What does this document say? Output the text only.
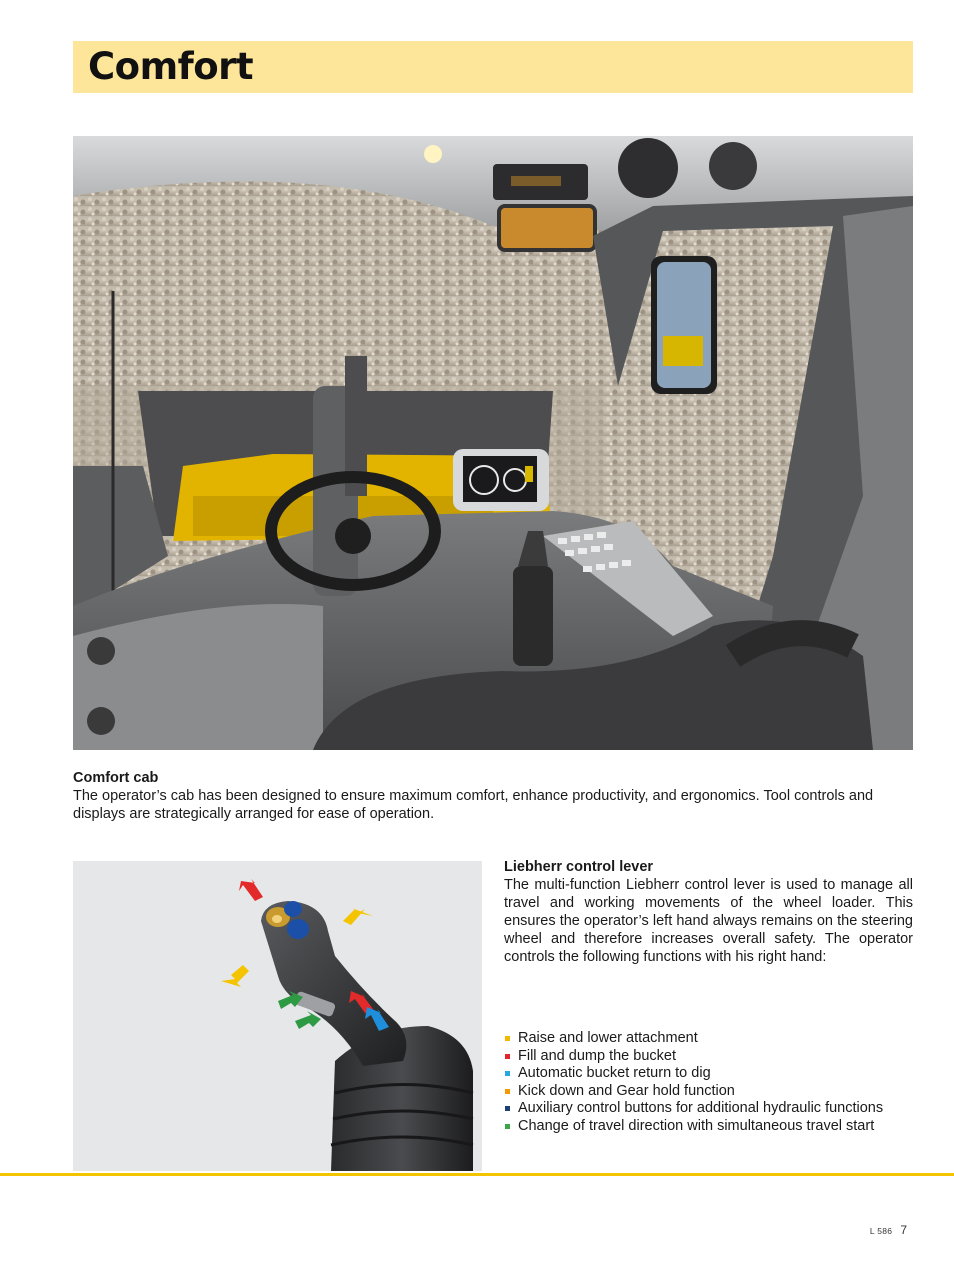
Comfort
Comfort cab

The operator’s cab has been designed to ensure maximum comfort, enhance productivity, and ergonomics. Tool controls and displays are strategically arranged for ease of operation.

Liebherr control lever

The multi-function Liebherr control lever is used to manage all travel and working movements of the wheel loader. This ensures the operator’s left hand always remains on the steering wheel and therefore increases overall safety. The operator controls the following functions with his right hand:

Raise and lower attachment
Fill and dump the bucket
Automatic bucket return to dig
Kick down and Gear hold function
Auxiliary control buttons for additional hydraulic functions
Change of travel direction with simultaneous travel start
L 586 7
